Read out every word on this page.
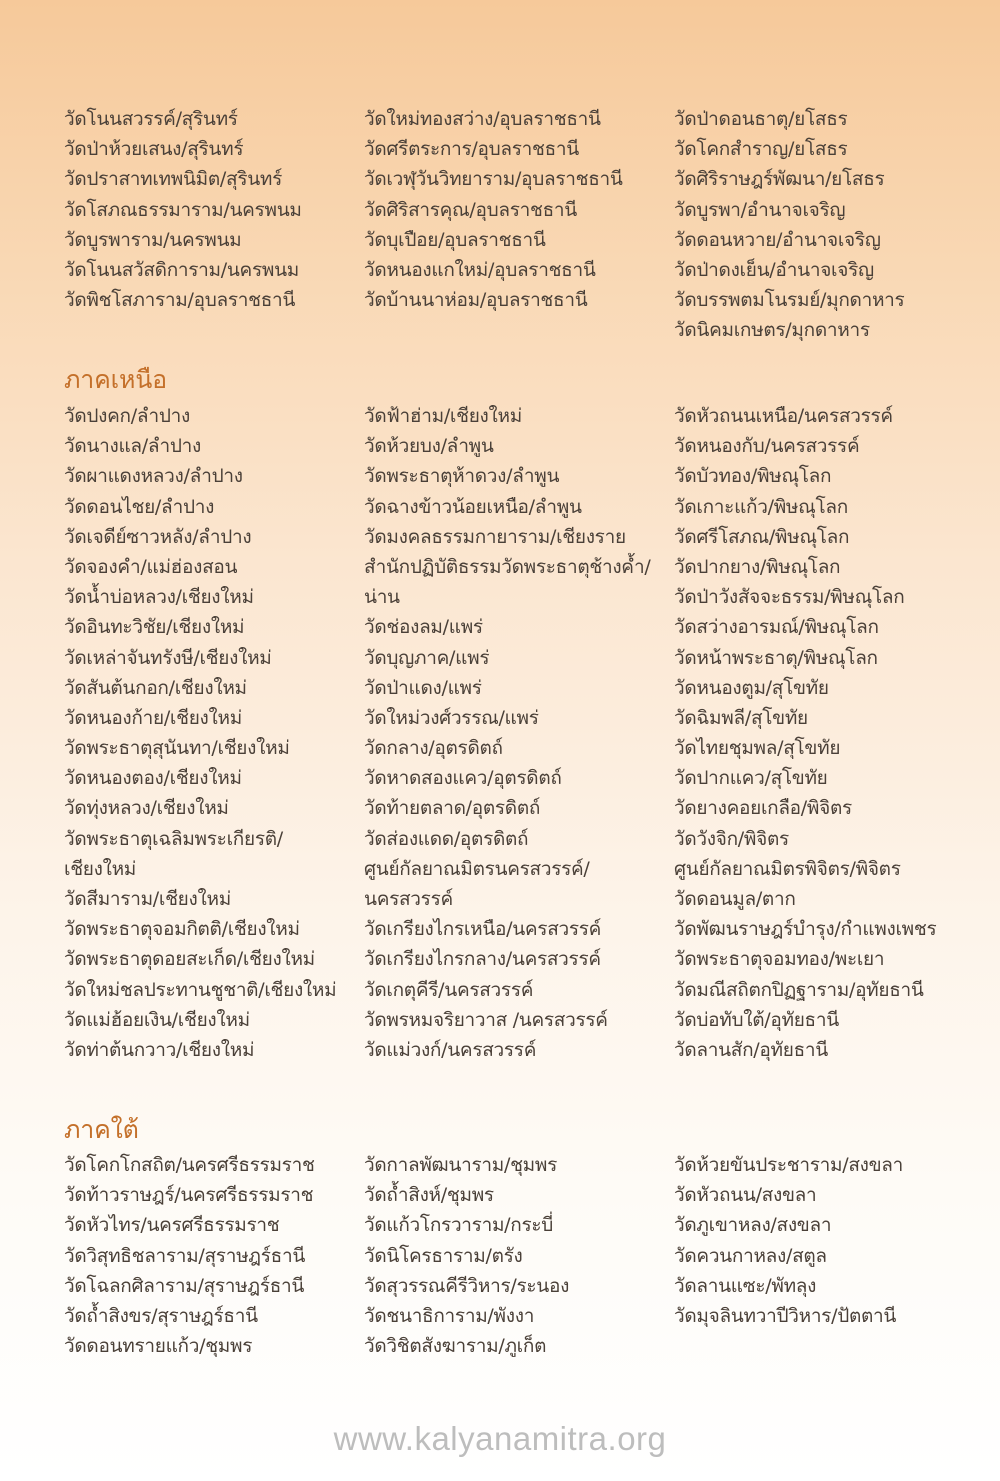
วัดโนนสวรรค์/สุรินทร์
วัดป่าห้วยเสนง/สุรินทร์
วัดปราสาทเทพนิมิต/สุรินทร์
วัดโสภณธรรมาราม/นครพนม
วัดบูรพาราม/นครพนม
วัดโนนสวัสดิการาม/นครพนม
วัดพิชโสภาราม/อุบลราชธานี
วัดใหม่ทองสว่าง/อุบลราชธานี
วัดศรีตระการ/อุบลราชธานี
วัดเวฬุวันวิทยาราม/อุบลราชธานี
วัดศิริสารคุณ/อุบลราชธานี
วัดบุเปือย/อุบลราชธานี
วัดหนองแกใหม่/อุบลราชธานี
วัดบ้านนาห่อม/อุบลราชธานี
วัดป่าดอนธาตุ/ยโสธร
วัดโคกสำราญ/ยโสธร
วัดศิริราษฎร์พัฒนา/ยโสธร
วัดบูรพา/อำนาจเจริญ
วัดดอนหวาย/อำนาจเจริญ
วัดป่าดงเย็น/อำนาจเจริญ
วัดบรรพตมโนรมย์/มุกดาหาร
วัดนิคมเกษตร/มุกดาหาร
ภาคเหนือ
วัดปงคก/ลำปาง
วัดนางแล/ลำปาง
วัดผาแดงหลวง/ลำปาง
วัดดอนไชย/ลำปาง
วัดเจดีย์ซาวหลัง/ลำปาง
วัดจองคำ/แม่ฮ่องสอน
วัดน้ำบ่อหลวง/เชียงใหม่
วัดอินทะวิชัย/เชียงใหม่
วัดเหล่าจันทรังษี/เชียงใหม่
วัดสันต้นกอก/เชียงใหม่
วัดหนองก้าย/เชียงใหม่
วัดพระธาตุสุนันทา/เชียงใหม่
วัดหนองตอง/เชียงใหม่
วัดทุ่งหลวง/เชียงใหม่
วัดพระธาตุเฉลิมพระเกียรติ/
เชียงใหม่
วัดสีมาราม/เชียงใหม่
วัดพระธาตุจอมกิตติ/เชียงใหม่
วัดพระธาตุดอยสะเก็ด/เชียงใหม่
วัดใหม่ชลประทานชูชาติ/เชียงใหม่
วัดแม่ฮ้อยเงิน/เชียงใหม่
วัดท่าต้นกวาว/เชียงใหม่
วัดฟ้าฮ่าม/เชียงใหม่
วัดห้วยบง/ลำพูน
วัดพระธาตุห้าดวง/ลำพูน
วัดฉางข้าวน้อยเหนือ/ลำพูน
วัดมงคลธรรมกายาราม/เชียงราย
สำนักปฏิบัติธรรมวัดพระธาตุช้างค้ำ/
น่าน
วัดช่องลม/แพร่
วัดบุญภาค/แพร่
วัดป่าแดง/แพร่
วัดใหม่วงศ์วรรณ/แพร่
วัดกลาง/อุตรดิตถ์
วัดหาดสองแคว/อุตรดิตถ์
วัดท้ายตลาด/อุตรดิตถ์
วัดส่องแดด/อุตรดิตถ์
ศูนย์กัลยาณมิตรนครสวรรค์/
นครสวรรค์
วัดเกรียงไกรเหนือ/นครสวรรค์
วัดเกรียงไกรกลาง/นครสวรรค์
วัดเกตุคีรี/นครสวรรค์
วัดพรหมจริยาวาส /นครสวรรค์
วัดแม่วงก์/นครสวรรค์
วัดหัวถนนเหนือ/นครสวรรค์
วัดหนองกับ/นครสวรรค์
วัดบัวทอง/พิษณุโลก
วัดเกาะแก้ว/พิษณุโลก
วัดศรีโสภณ/พิษณุโลก
วัดปากยาง/พิษณุโลก
วัดป่าวังสัจจะธรรม/พิษณุโลก
วัดสว่างอารมณ์/พิษณุโลก
วัดหน้าพระธาตุ/พิษณุโลก
วัดหนองตูม/สุโขทัย
วัดฉิมพลี/สุโขทัย
วัดไทยชุมพล/สุโขทัย
วัดปากแคว/สุโขทัย
วัดยางคอยเกลือ/พิจิตร
วัดวังจิก/พิจิตร
ศูนย์กัลยาณมิตรพิจิตร/พิจิตร
วัดดอนมูล/ตาก
วัดพัฒนราษฎร์บำรุง/กำแพงเพชร
วัดพระธาตุจอมทอง/พะเยา
วัดมณีสถิตกปิฏฐาราม/อุทัยธานี
วัดบ่อทับใต้/อุทัยธานี
วัดลานสัก/อุทัยธานี
ภาคใต้
วัดโคกโกสถิต/นครศรีธรรมราช
วัดท้าวราษฎร์/นครศรีธรรมราช
วัดหัวไทร/นครศรีธรรมราช
วัดวิสุทธิชลาราม/สุราษฎร์ธานี
วัดโฉลกศิลาราม/สุราษฎร์ธานี
วัดถ้ำสิงขร/สุราษฎร์ธานี
วัดดอนทรายแก้ว/ชุมพร
วัดกาลพัฒนาราม/ชุมพร
วัดถ้ำสิงห์/ชุมพร
วัดแก้วโกรวาราม/กระบี่
วัดนิโครธาราม/ตรัง
วัดสุวรรณคีรีวิหาร/ระนอง
วัดชนาธิการาม/พังงา
วัดวิชิตสังฆาราม/ภูเก็ต
วัดห้วยขันประชาราม/สงขลา
วัดหัวถนน/สงขลา
วัดภูเขาหลง/สงขลา
วัดควนกาหลง/สตูล
วัดลานแซะ/พัทลุง
วัดมุจลินทวาปีวิหาร/ปัตตานี
www.kalyanamitra.org
